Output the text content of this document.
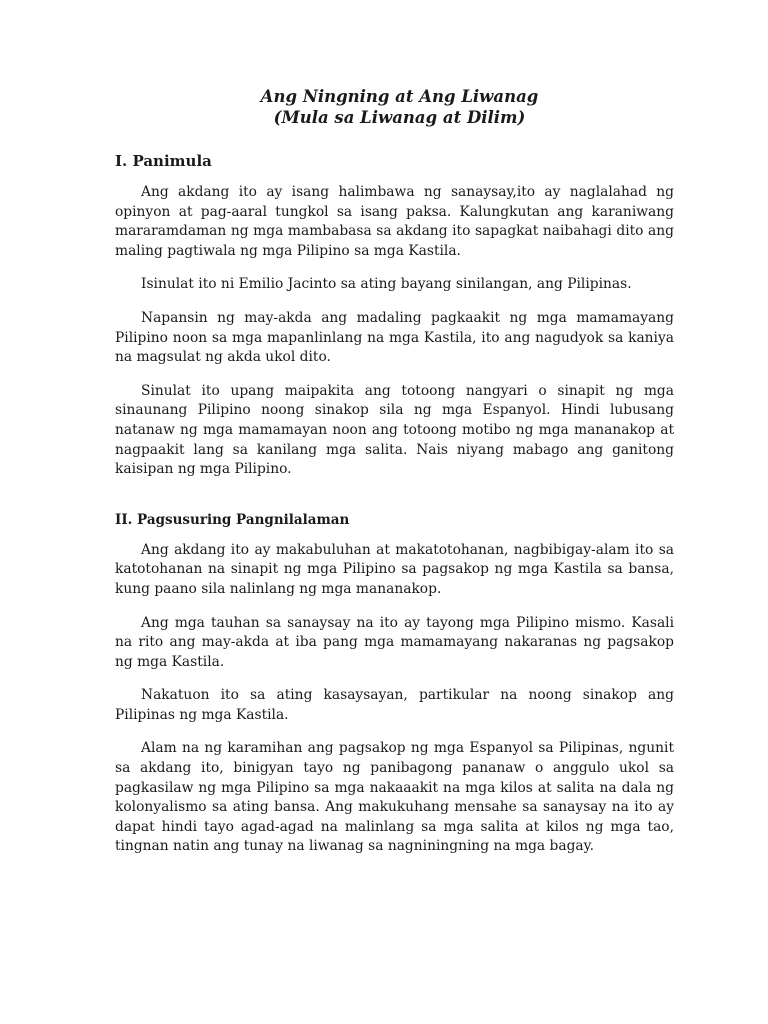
Ang Ningning at Ang Liwanag

(Mula sa Liwanag at Dilim)

I. Panimula

Ang akdang ito ay isang halimbawa ng sanaysay,ito ay naglalahad ng opinyon at pag-aaral tungkol sa isang paksa. Kalungkutan ang karaniwang mararamdaman ng mga mambabasa sa akdang ito sapagkat naibahagi dito ang maling pagtiwala ng mga Pilipino sa mga Kastila.

Isinulat ito ni Emilio Jacinto sa ating bayang sinilangan, ang Pilipinas.

Napansin ng may-akda ang madaling pagkaakit ng mga mamamayang Pilipino noon sa mga mapanlinlang na mga Kastila, ito ang nagudyok sa kaniya na magsulat ng akda ukol dito.

Sinulat ito upang maipakita ang totoong nangyari o sinapit ng mga sinaunang Pilipino noong sinakop sila ng mga Espanyol. Hindi lubusang natanaw ng mga mamamayan noon ang totoong motibo ng mga mananakop at nagpaakit lang sa kanilang mga salita. Nais niyang mabago ang ganitong kaisipan ng mga Pilipino.

II. Pagsusuring Pangnilalaman

Ang akdang ito ay makabuluhan at makatotohanan, nagbibigay-alam ito sa katotohanan na sinapit ng mga Pilipino sa pagsakop ng mga Kastila sa bansa, kung paano sila nalinlang ng mga mananakop.

Ang mga tauhan sa sanaysay na ito ay tayong mga Pilipino mismo. Kasali na rito ang may-akda at iba pang mga mamamayang nakaranas ng pagsakop ng mga Kastila.

Nakatuon ito sa ating kasaysayan, partikular na noong sinakop ang Pilipinas ng mga Kastila.

Alam na ng karamihan ang pagsakop ng mga Espanyol sa Pilipinas, ngunit sa akdang ito, binigyan tayo ng panibagong pananaw o anggulo ukol sa pagkasilaw ng mga Pilipino sa mga nakaaakit na mga kilos at salita na dala ng kolonyalismo sa ating bansa. Ang makukuhang mensahe sa sanaysay na ito ay dapat hindi tayo agad-agad na malinlang sa mga salita at kilos ng mga tao, tingnan natin ang tunay na liwanag sa nagniningning na mga bagay.
